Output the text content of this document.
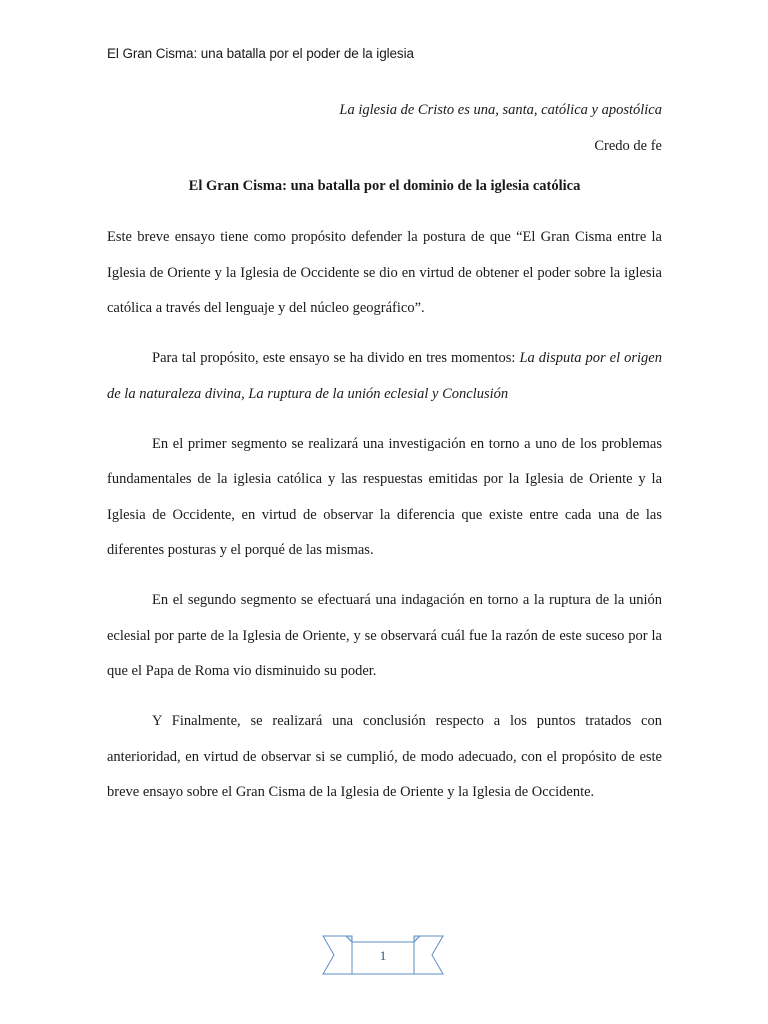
El Gran Cisma: una batalla por el poder de la iglesia
La iglesia de Cristo es una, santa, católica y apostólica
Credo de fe
El Gran Cisma: una batalla por el dominio de la iglesia católica

Este breve ensayo tiene como propósito defender la postura de que “El Gran Cisma entre la Iglesia de Oriente y la Iglesia de Occidente se dio en virtud de obtener el poder sobre la iglesia católica a través del lenguaje y del núcleo geográfico”.

Para tal propósito, este ensayo se ha divido en tres momentos: La disputa por el origen de la naturaleza divina, La ruptura de la unión eclesial y Conclusión

En el primer segmento se realizará una investigación en torno a uno de los problemas fundamentales de la iglesia católica y las respuestas emitidas por la Iglesia de Oriente y la Iglesia de Occidente, en virtud de observar la diferencia que existe entre cada una de las diferentes posturas y el porqué de las mismas.

En el segundo segmento se efectuará una indagación en torno a la ruptura de la unión eclesial por parte de la Iglesia de Oriente, y se observará cuál fue la razón de este suceso por la que el Papa de Roma vio disminuido su poder.

Y Finalmente, se realizará una conclusión respecto a los puntos tratados con anterioridad, en virtud de observar si se cumplió, de modo adecuado, con el propósito de este breve ensayo sobre el Gran Cisma de la Iglesia de Oriente y la Iglesia de Occidente.

1
